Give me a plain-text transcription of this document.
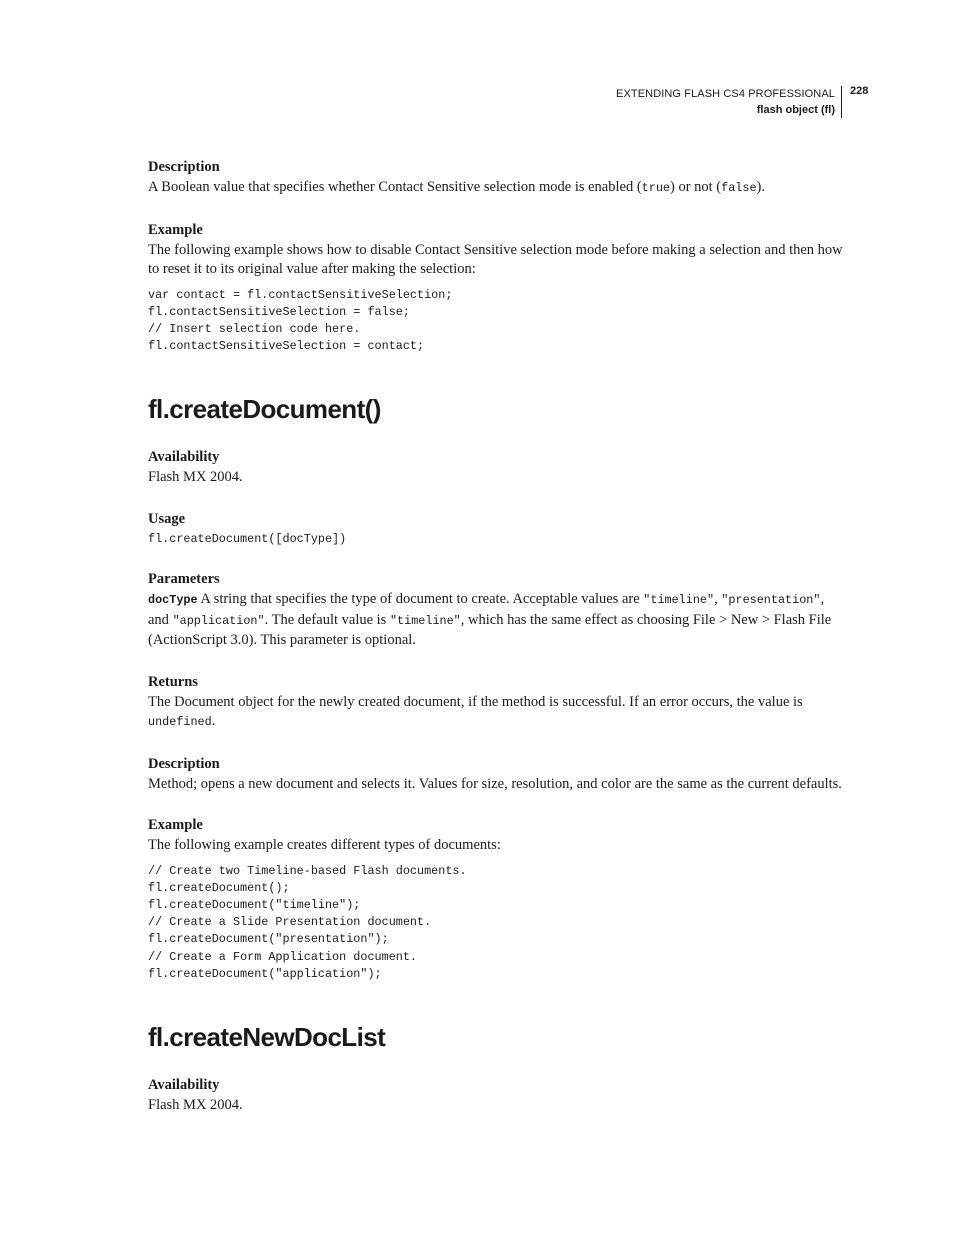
EXTENDING FLASH CS4 PROFESSIONAL
flash object (fl)
228

Description

A Boolean value that specifies whether Contact Sensitive selection mode is enabled (true) or not (false).

Example

The following example shows how to disable Contact Sensitive selection mode before making a selection and then how to reset it to its original value after making the selection:

var contact = fl.contactSensitiveSelection;
fl.contactSensitiveSelection = false;
// Insert selection code here.
fl.contactSensitiveSelection = contact;
fl.createDocument()

Availability

Flash MX 2004.

Usage

fl.createDocument([docType])

Parameters

docType A string that specifies the type of document to create. Acceptable values are "timeline", "presentation", and "application". The default value is "timeline", which has the same effect as choosing File > New > Flash File (ActionScript 3.0). This parameter is optional.

Returns

The Document object for the newly created document, if the method is successful. If an error occurs, the value is undefined.

Description

Method; opens a new document and selects it. Values for size, resolution, and color are the same as the current defaults.

Example

The following example creates different types of documents:

// Create two Timeline-based Flash documents.
fl.createDocument();
fl.createDocument("timeline");
// Create a Slide Presentation document.
fl.createDocument("presentation");
// Create a Form Application document.
fl.createDocument("application");
fl.createNewDocList

Availability

Flash MX 2004.
